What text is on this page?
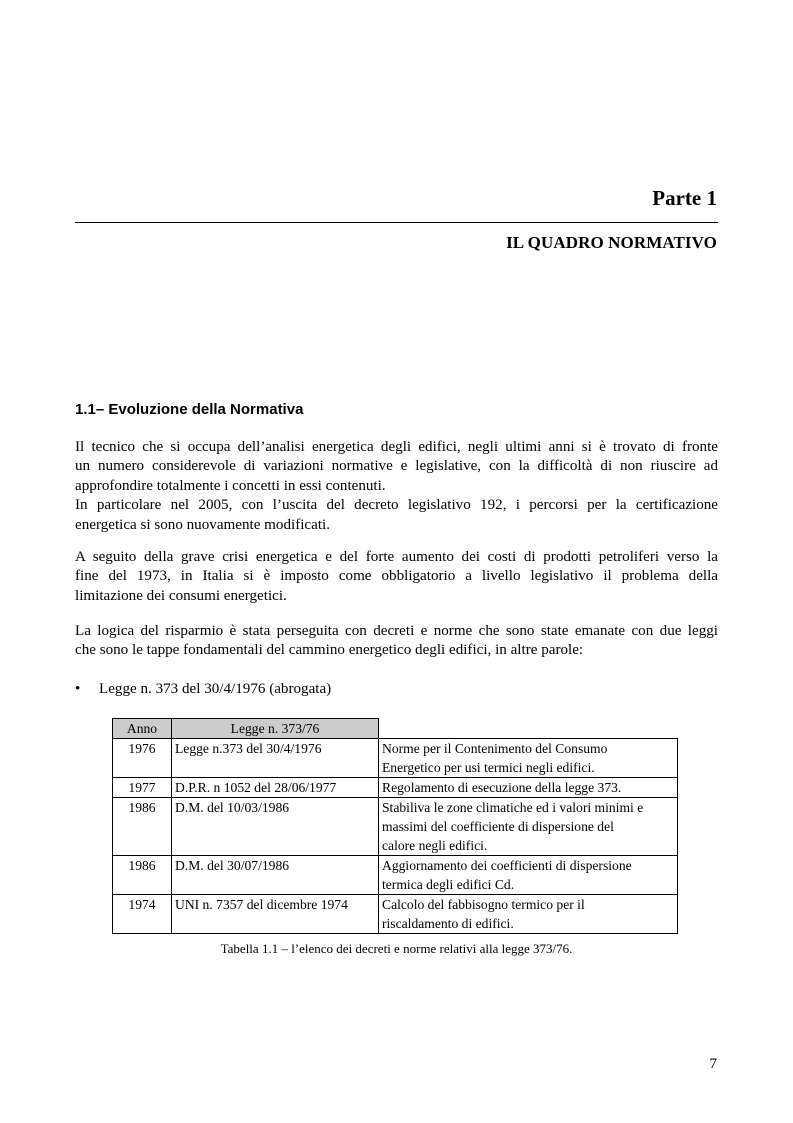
Parte 1
IL QUADRO NORMATIVO
1.1– Evoluzione della Normativa
Il tecnico che si occupa dell’analisi energetica degli edifici, negli ultimi anni si è trovato di fronte
un numero considerevole di variazioni normative e legislative, con la difficoltà di non riuscire ad
approfondire totalmente i concetti in essi contenuti.
In particolare nel 2005, con l’uscita del decreto legislativo 192, i percorsi per la certificazione
energetica si sono nuovamente modificati.
A seguito della grave crisi energetica e del forte aumento dei costi di prodotti petroliferi verso la
fine del 1973, in Italia si è imposto come obbligatorio a livello legislativo il problema della
limitazione dei consumi energetici.
La logica del risparmio è stata perseguita con decreti e norme che sono state emanate con due leggi
che sono le tappe fondamentali del cammino energetico degli edifici, in altre parole:
• Legge n. 373 del 30/4/1976 (abrogata)
Anno	Legge n. 373/76	
1976	Legge n.373 del 30/4/1976	Norme per il Contenimento del Consumo
Energetico per usi termici negli edifici.

1977	D.P.R. n 1052 del 28/06/1977	Regolamento di esecuzione della legge 373.

1986	D.M. del 10/03/1986	Stabiliva le zone climatiche ed i valori minimi e
massimi del coefficiente di dispersione del
calore negli edifici.

1986	D.M. del 30/07/1986	Aggiornamento dei coefficienti di dispersione
termica degli edifici Cd.

1974	UNI n. 7357 del dicembre 1974	Calcolo del fabbisogno termico per il
riscaldamento di edifici.
Tabella 1.1 – l’elenco dei decreti e norme relativi alla legge 373/76.
7
